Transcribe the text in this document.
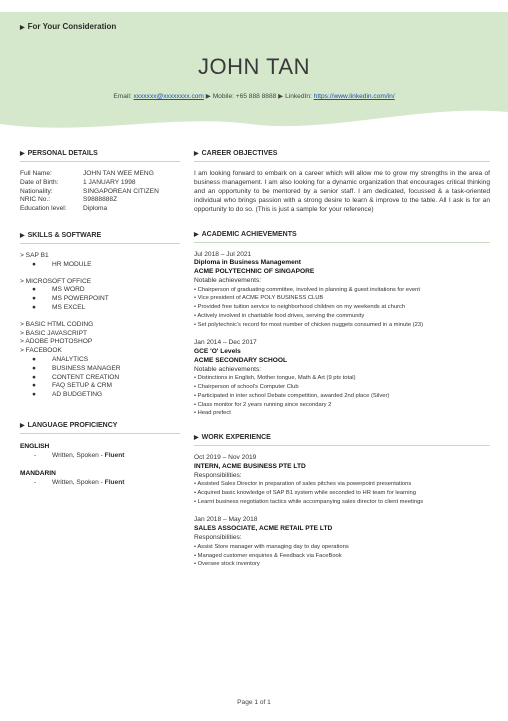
▶ For Your Consideration
JOHN TAN
Email: xxxxxxx@xxxxxxxx.com ▶ Mobile: +65 888 8888 ▶ LinkedIn: https://www.linkedin.com/in/
▶ PERSONAL DETAILS
Full Name:	JOHN TAN WEE MENG
Date of Birth:	1 JANUARY 1998
Nationality:	SINGAPOREAN CITIZEN
NRIC No.:	S9888888Z
Education level:	Diploma
▶ SKILLS & SOFTWARE
> SAP B1
●	HR MODULE
> MICROSOFT OFFICE
●	MS WORD
●	MS POWERPOINT
●	MS EXCEL
> BASIC HTML CODING
> BASIC JAVASCRIPT
> ADOBE PHOTOSHOP
> FACEBOOK
●	ANALYTICS
●	BUSINESS MANAGER
●	CONTENT CREATION
●	FAQ SETUP & CRM
●	AD BUDGETING
▶ LANGUAGE PROFICIENCY
ENGLISH
- Written, Spoken - Fluent
MANDARIN
- Written, Spoken - Fluent
▶ CAREER OBJECTIVES
I am looking forward to embark on a career which will allow me to grow my strengths in the area of business management. I am also looking for a dynamic organization that encourages critical thinking and an opportunity to be mentored by a senior staff. I am dedicated, focussed & a task-oriented individual who brings passion with a strong desire to learn & improve to the table. All I ask is for an opportunity to do so. (This is just a sample for your reference)
▶ ACADEMIC ACHIEVEMENTS
Jul 2018 – Jul 2021
Diploma in Business Management
ACME POLYTECHNIC OF SINGAPORE
Notable achievements:
• Chairperson of graduating committee, involved in planning & guest invitations for event
• Vice president of ACME POLY BUSINESS CLUB
• Provided free tuition service to neighborhood children on my weekends at church
• Actively involved in charitable food drives, serving the community
• Set polytechnic's record for most number of chicken nuggets consumed in a minute (23)
Jan 2014 – Dec 2017
GCE 'O' Levels
ACME SECONDARY SCHOOL
Notable achievements:
• Distinctions in English, Mother tongue, Math & Art (9 pts total)
• Chairperson of school's Computer Club
• Participated in inter school Debate competition, awarded 2nd place (Silver)
• Class monitor for 2 years running since secondary 2
• Head prefect
▶ WORK EXPERIENCE
Oct 2019 – Nov 2019
INTERN, ACME BUSINESS PTE LTD
Responsibilities:
• Assisted Sales Director in preparation of sales pitches via powerpoint presentations
• Acquired basic knowledge of SAP B1 system while seconded to HR team for learning
• Learnt business negotiation tactics while accompanying sales director to client meetings
Jan 2018 – May 2018
SALES ASSOCIATE, ACME RETAIL PTE LTD
Responsibilities:
• Assist Store manager with managing day to day operations
• Managed customer enquiries & Feedback via FaceBook
• Oversee stock inventory
Page 1 of 1
